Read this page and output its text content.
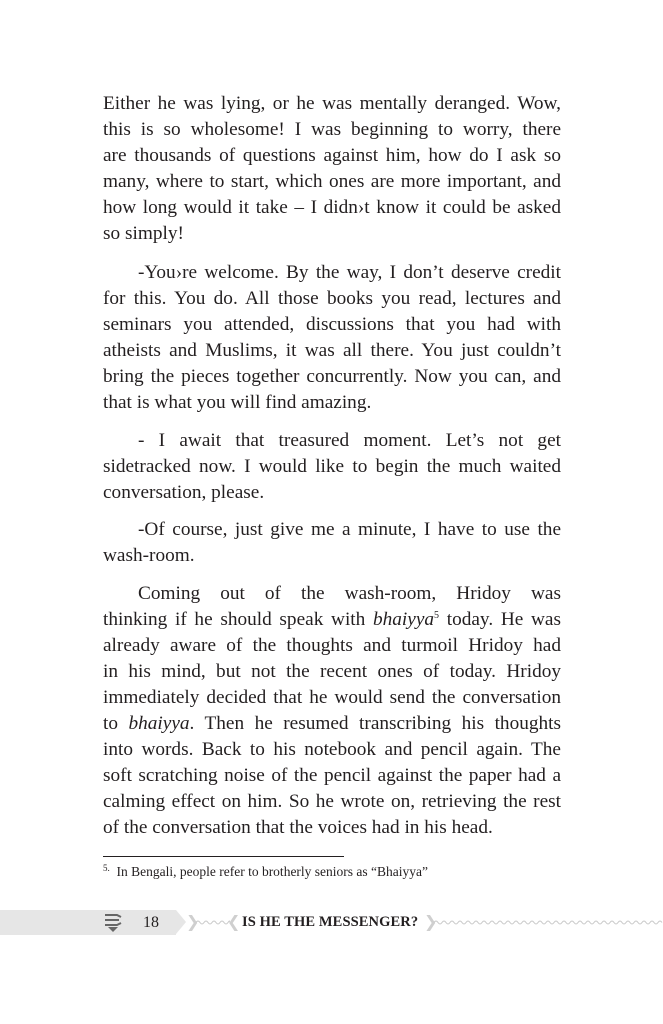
Either he was lying, or he was mentally deranged. Wow,
this is so wholesome! I was beginning to worry, there
are thousands of questions against him, how do I ask so
many, where to start, which ones are more important, and
how long would it take – I didn›t know it could be asked
so simply!
-You›re welcome. By the way, I don’t deserve credit
for this. You do. All those books you read, lectures and
seminars you attended, discussions that you had with
atheists and Muslims, it was all there. You just couldn’t
bring the pieces together concurrently. Now you can, and
that is what you will find amazing.
- I await that treasured moment. Let’s not get
sidetracked now. I would like to begin the much waited
conversation, please.
-Of course, just give me a minute, I have to use the
wash-room.
Coming out of the wash-room, Hridoy was
thinking if he should speak with bhaiyya$^5$ today. He was
already aware of the thoughts and turmoil Hridoy had
in his mind, but not the recent ones of today. Hridoy
immediately decided that he would send the conversation
to bhaiyya. Then he resumed transcribing his thoughts
into words. Back to his notebook and pencil again. The
soft scratching noise of the pencil against the paper had a
calming effect on him. So he wrote on, retrieving the rest
of the conversation that the voices had in his head.

$^{5.}$ In Bengali, people refer to brotherly seniors as “Bhaiyya”

18 ❯ ❮ IS HE THE MESSENGER? ❯
